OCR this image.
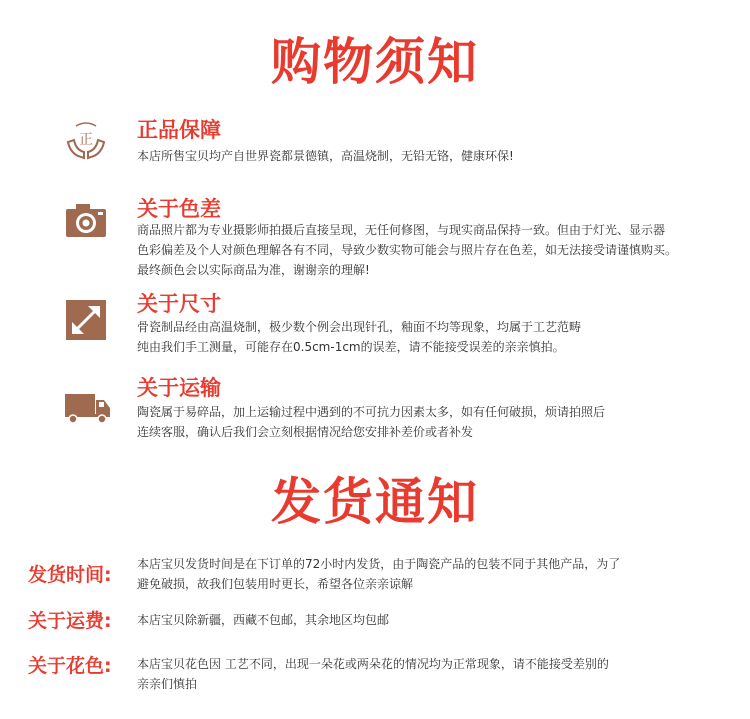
购物须知
正 正品保障
本店所售宝贝均产自世界瓷都景德镇，高温烧制，无铅无铬，健康环保!
关于色差
商品照片都为专业摄影师拍摄后直接呈现，无任何修图，与现实商品保持一致。但由于灯光、显示器
色彩偏差及个人对颜色理解各有不同，导致少数实物可能会与照片存在色差，如无法接受请谨慎购买。
最终颜色会以实际商品为准，谢谢亲的理解!
关于尺寸
骨瓷制品经由高温烧制，极少数个例会出现针孔，釉面不均等现象，均属于工艺范畴
纯由我们手工测量，可能存在0.5cm-1cm的误差，请不能接受误差的亲亲慎拍。
关于运输
陶瓷属于易碎品，加上运输过程中遇到的不可抗力因素太多，如有任何破损，烦请拍照后
连续客服，确认后我们会立刻根据情况给您安排补差价或者补发
发货通知
发货时间:	本店宝贝发货时间是在下订单的72小时内发货，由于陶瓷产品的包装不同于其他产品，为了
避免破损，故我们包装用时更长，希望各位亲亲谅解
关于运费:	本店宝贝除新疆，西藏不包邮，其余地区均包邮
关于花色:	本店宝贝花色因 工艺不同，出现一朵花或两朵花的情况均为正常现象，请不能接受差别的
亲亲们慎拍
